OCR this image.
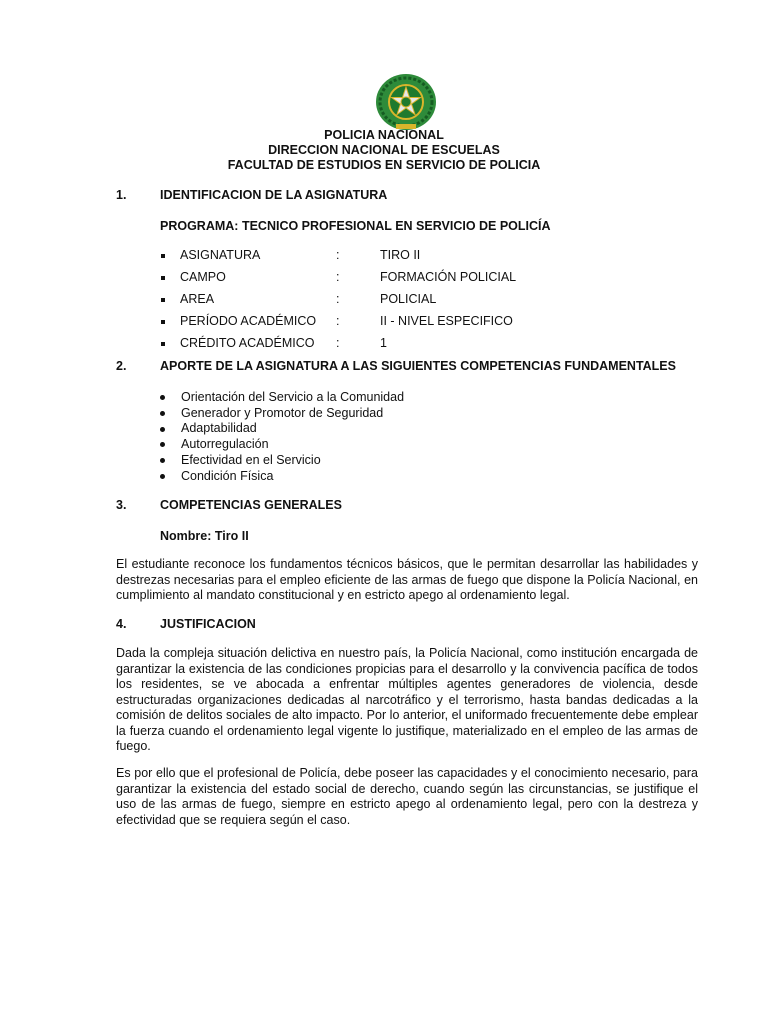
POLICIA NACIONAL
DIRECCION NACIONAL DE ESCUELAS
FACULTAD DE ESTUDIOS EN SERVICIO DE POLICIA
1.	IDENTIFICACION DE LA ASIGNATURA
PROGRAMA: TECNICO PROFESIONAL EN SERVICIO DE POLICÍA
ASIGNATURA	:	TIRO II
CAMPO	:	FORMACIÓN POLICIAL
AREA	:	POLICIAL
PERÍODO ACADÉMICO :	II - NIVEL ESPECIFICO
CRÉDITO ACADÉMICO :	1
2.	APORTE DE LA ASIGNATURA A LAS SIGUIENTES COMPETENCIAS FUNDAMENTALES
Orientación del Servicio a la Comunidad
Generador y Promotor de Seguridad
Adaptabilidad
Autorregulación
Efectividad en el Servicio
Condición Física
3.	COMPETENCIAS GENERALES
Nombre: Tiro II
El estudiante reconoce los fundamentos técnicos básicos, que le permitan desarrollar las habilidades y destrezas necesarias para el empleo eficiente de las armas de fuego que dispone la Policía Nacional, en cumplimiento al mandato constitucional y en estricto apego al ordenamiento legal.
4.	JUSTIFICACION
Dada la compleja situación delictiva en nuestro país, la Policía Nacional, como institución encargada de garantizar la existencia de las condiciones propicias para el desarrollo y la convivencia pacífica de todos los residentes, se ve abocada a enfrentar múltiples agentes generadores de violencia, desde estructuradas organizaciones dedicadas al narcotráfico y el terrorismo, hasta bandas dedicadas a la comisión de delitos sociales de alto impacto. Por lo anterior, el uniformado frecuentemente debe emplear la fuerza cuando el ordenamiento legal vigente lo justifique, materializado en el empleo de las armas de fuego.
Es por ello que el profesional de Policía, debe poseer las capacidades y el conocimiento necesario, para garantizar la existencia del estado social de derecho, cuando según las circunstancias, se justifique el uso de las armas de fuego, siempre en estricto apego al ordenamiento legal, pero con la destreza y efectividad que se requiera según el caso.
